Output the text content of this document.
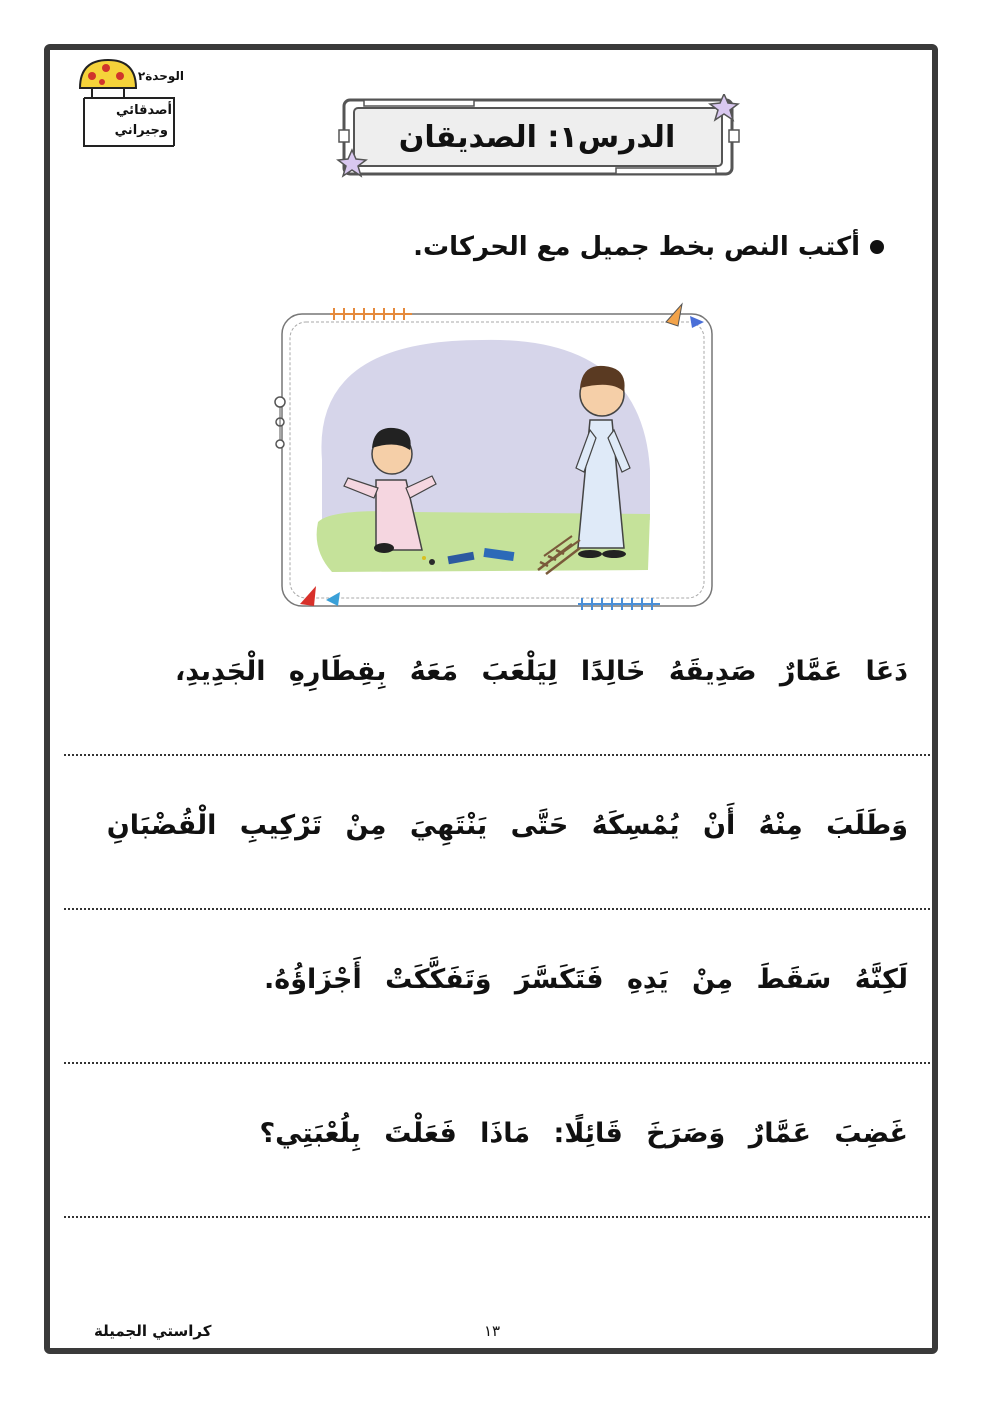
الوحدة٢
أصدقائي
وجيراني	الدرس١: الصديقان
أكتب النص بخط جميل مع الحركات.
دَعَا عَمَّارٌ صَدِيقَهُ خَالِدًا لِيَلْعَبَ مَعَهُ بِقِطَارِهِ الْجَدِيدِ،
وَطَلَبَ مِنْهُ أَنْ يُمْسِكَهُ حَتَّى يَنْتَهِيَ مِنْ تَرْكِيبِ الْقُضْبَانِ
لَكِنَّهُ سَقَطَ مِنْ يَدِهِ فَتَكَسَّرَ وَتَفَكَّكَتْ أَجْزَاؤُهُ.
غَضِبَ عَمَّارٌ وَصَرَخَ قَائِلًا: مَاذَا فَعَلْتَ بِلُعْبَتِي؟
كراستي الجميلة	١٣
